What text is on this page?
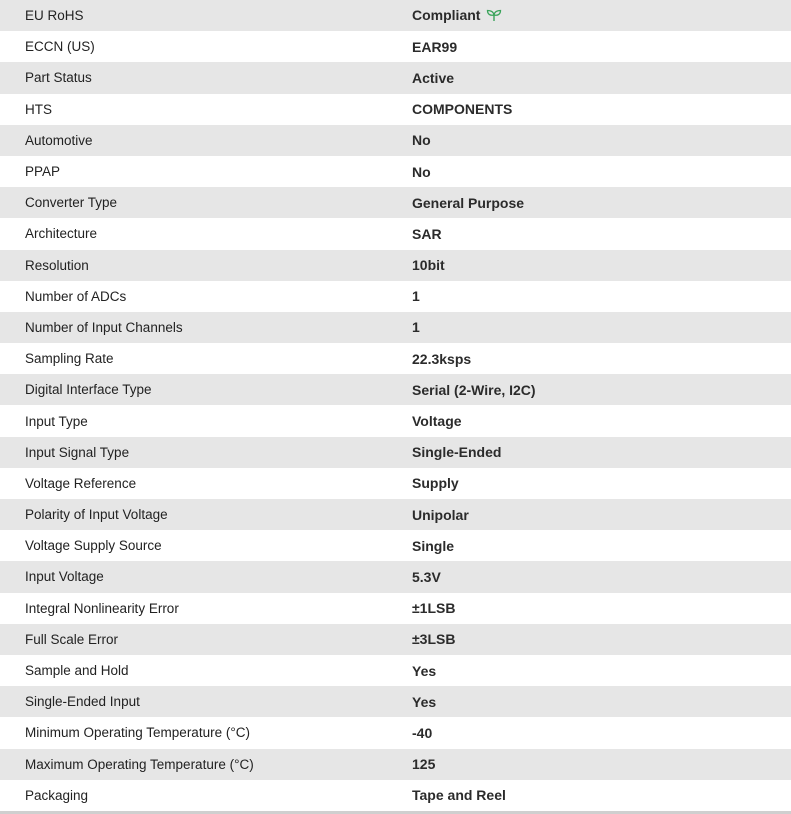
EU RoHS	Compliant
ECCN (US)	EAR99
Part Status	Active
HTS	COMPONENTS
Automotive	No
PPAP	No
Converter Type	General Purpose
Architecture	SAR
Resolution	10bit
Number of ADCs	1
Number of Input Channels	1
Sampling Rate	22.3ksps
Digital Interface Type	Serial (2-Wire, I2C)
Input Type	Voltage
Input Signal Type	Single-Ended
Voltage Reference	Supply
Polarity of Input Voltage	Unipolar
Voltage Supply Source	Single
Input Voltage	5.3V
Integral Nonlinearity Error	±1LSB
Full Scale Error	±3LSB
Sample and Hold	Yes
Single-Ended Input	Yes
Minimum Operating Temperature (°C)	-40
Maximum Operating Temperature (°C)	125
Packaging	Tape and Reel
